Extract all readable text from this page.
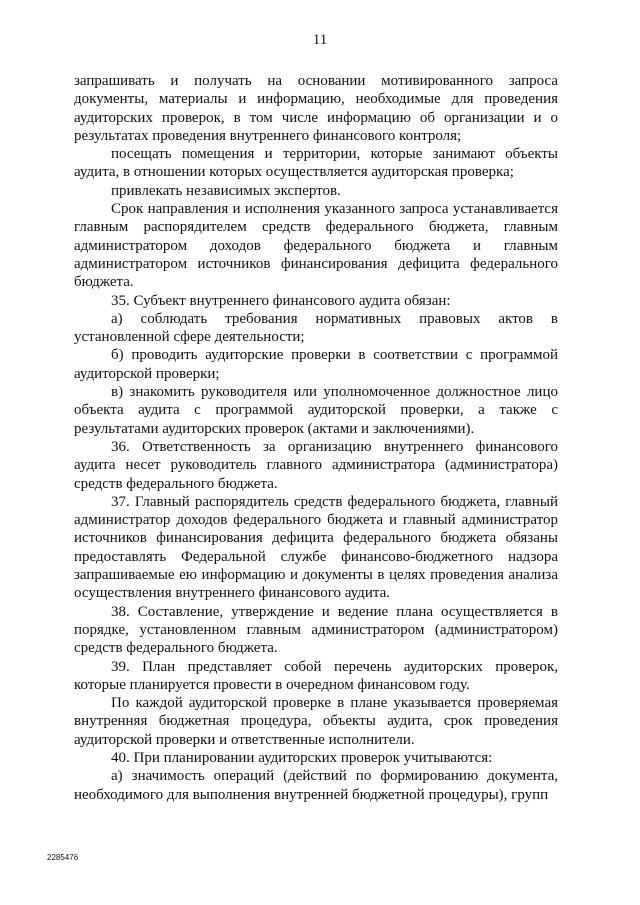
11

запрашивать и получать на основании мотивированного запроса документы, материалы и информацию, необходимые для проведения аудиторских проверок, в том числе информацию об организации и о результатах проведения внутреннего финансового контроля;

посещать помещения и территории, которые занимают объекты аудита, в отношении которых осуществляется аудиторская проверка;

привлекать независимых экспертов.

Срок направления и исполнения указанного запроса устанавливается главным распорядителем средств федерального бюджета, главным администратором доходов федерального бюджета и главным администратором источников финансирования дефицита федерального бюджета.

35. Субъект внутреннего финансового аудита обязан:

а) соблюдать требования нормативных правовых актов в установленной сфере деятельности;

б) проводить аудиторские проверки в соответствии с программой аудиторской проверки;

в) знакомить руководителя или уполномоченное должностное лицо объекта аудита с программой аудиторской проверки, а также с результатами аудиторских проверок (актами и заключениями).

36. Ответственность за организацию внутреннего финансового аудита несет руководитель главного администратора (администратора) средств федерального бюджета.

37. Главный распорядитель средств федерального бюджета, главный администратор доходов федерального бюджета и главный администратор источников финансирования дефицита федерального бюджета обязаны предоставлять Федеральной службе финансово-бюджетного надзора запрашиваемые ею информацию и документы в целях проведения анализа осуществления внутреннего финансового аудита.

38. Составление, утверждение и ведение плана осуществляется в порядке, установленном главным администратором (администратором) средств федерального бюджета.

39. План представляет собой перечень аудиторских проверок, которые планируется провести в очередном финансовом году.

По каждой аудиторской проверке в плане указывается проверяемая внутренняя бюджетная процедура, объекты аудита, срок проведения аудиторской проверки и ответственные исполнители.

40. При планировании аудиторских проверок учитываются:

а) значимость операций (действий по формированию документа, необходимого для выполнения внутренней бюджетной процедуры), групп

2285476
